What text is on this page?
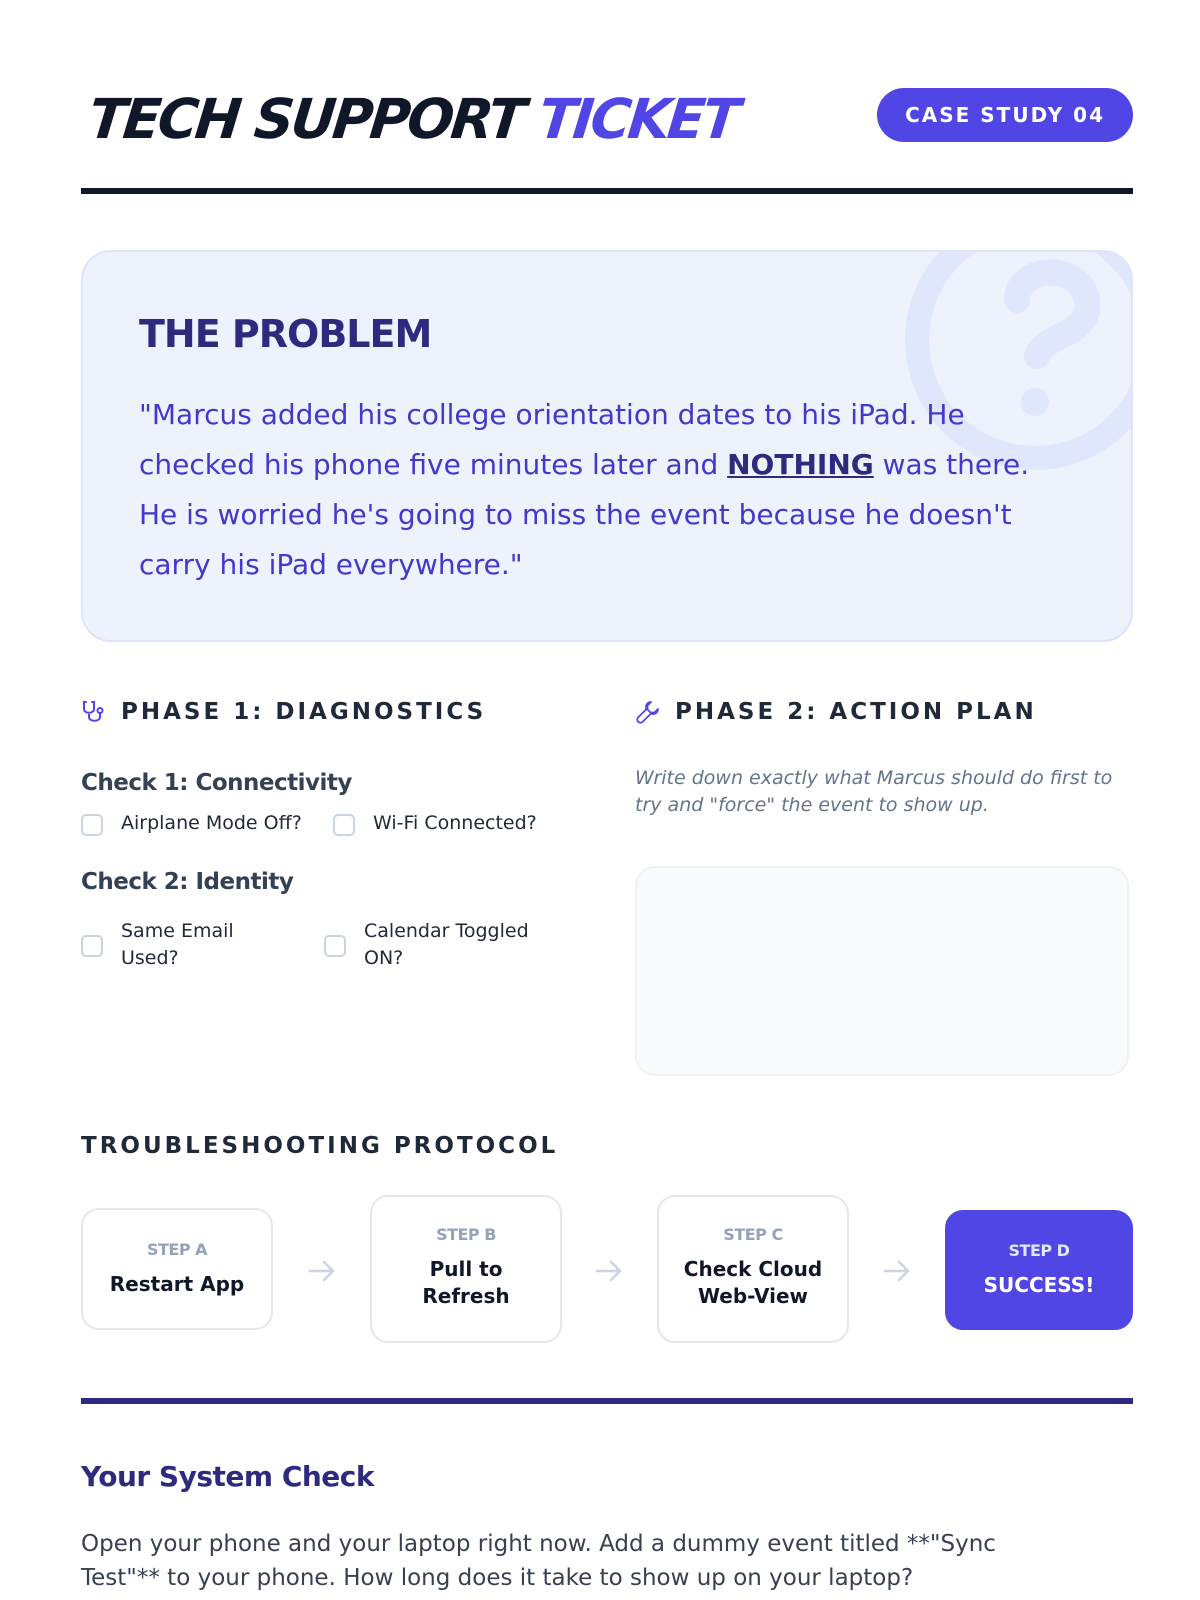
TECH SUPPORT TICKET	CASE STUDY 04
THE PROBLEM
"Marcus added his college orientation dates to his iPad. He checked his phone five minutes later and NOTHING was there. He is worried he's going to miss the event because he doesn't carry his iPad everywhere."
PHASE 1: DIAGNOSTICS
Check 1: Connectivity
Airplane Mode Off?	Wi-Fi Connected?
Check 2: Identity
Same Email Used?
Calendar Toggled ON?
PHASE 2: ACTION PLAN
Write down exactly what Marcus should do first to try and "force" the event to show up.
TROUBLESHOOTING PROTOCOL
STEP A
Restart App
STEP B
Pull to Refresh
STEP C
Check Cloud Web-View
STEP D
SUCCESS!
Your System Check
Open your phone and your laptop right now. Add a dummy event titled **"Sync Test"** to your phone. How long does it take to show up on your laptop?
